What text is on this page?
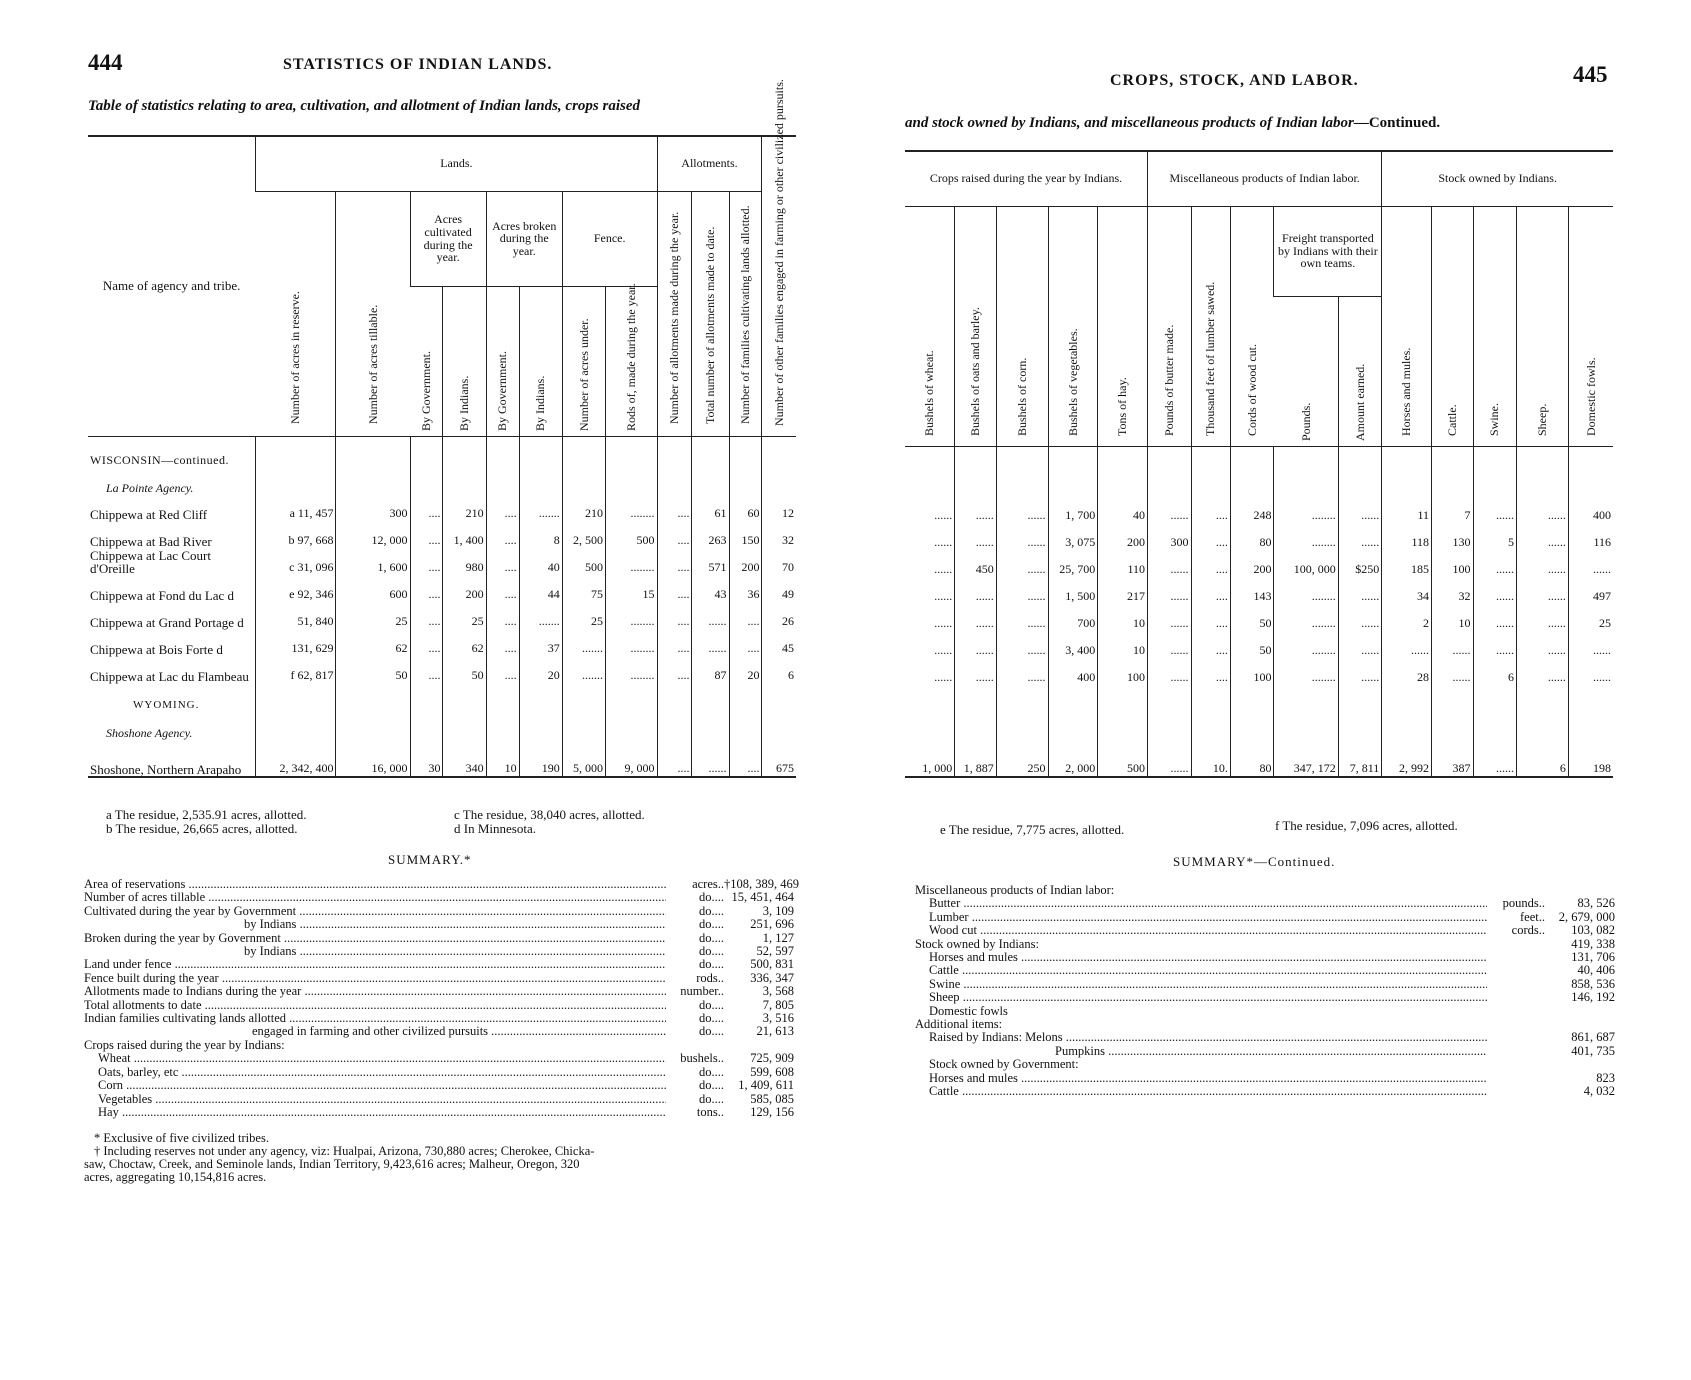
444	STATISTICS OF INDIAN LANDS.
Table of statistics relating to area, cultivation, and allotment of Indian lands, crops raised
Name of agency and tribe.	Lands.								Allotments.			Number of other families engaged in farming or other civilized pursuits.

	Number of acres in reserve.	Number of acres tillable.	Acres cultivated during the year.		Acres broken during the year.		Fence.		Number of allotments made during the year.	Total number of allotments made to date.	Number of families cultivating lands allotted.	

			By Government.	By Indians.	By Government.	By Indians.	Number of acres under.	Rods of, made during the year.				

WISCONSIN—continued.												
La Pointe Agency.												
Chippewa at Red Cliff	a 11, 457	300	....	210	....	.......	210	........	....	61	60	12
Chippewa at Bad River	b 97, 668	12, 000	....	1, 400	....	8	2, 500	500	....	263	150	32
Chippewa at Lac Court d'Oreille	c 31, 096	1, 600	....	980	....	40	500	........	....	571	200	70
Chippewa at Fond du Lac d	e 92, 346	600	....	200	....	44	75	15	....	43	36	49
Chippewa at Grand Portage d	51, 840	25	....	25	....	.......	25	........	....	......	....	26
Chippewa at Bois Forte d	131, 629	62	....	62	....	37	.......	........	....	......	....	45
Chippewa at Lac du Flambeau	f 62, 817	50	....	50	....	20	.......	........	....	87	20	6
WYOMING.												
Shoshone Agency.												
Shoshone, Northern Arapaho	2, 342, 400	16, 000	30	340	10	190	5, 000	9, 000	....	......	....	675
a The residue, 2,535.91 acres, allotted.
b The residue, 26,665 acres, allotted.
c The residue, 38,040 acres, allotted.
d In Minnesota.
SUMMARY.*
Area of reservations .....	acres.. †108, 389, 469
Number of acres tillable .....	do.... 15, 451, 464
Cultivated during the year by Government .....	do....	3, 109
by Indians .....	do....	251, 696
Broken during the year by Government .....	do....	1, 127
by Indians .....	do....	52, 597
Land under fence .....	do....	500, 831
Fence built during the year .....	rods..	336, 347
Allotments made to Indians during the year .....	number..	3, 568
Total allotments to date .....	do....	7, 805
Indian families cultivating lands allotted .....	do....	3, 516
engaged in farming and other civilized pursuits .....	do....	21, 613
Crops raised during the year by Indians:
Wheat .....	bushels..	725, 909
Oats, barley, etc .....	do....	599, 608
Corn .....	do....	1, 409, 611
Vegetables .....	do....	585, 085
Hay .....	tons..	129, 156
* Exclusive of five civilized tribes.
† Including reserves not under any agency, viz: Hualpai, Arizona, 730,880 acres; Cherokee, Chicka-
saw, Choctaw, Creek, and Seminole lands, Indian Territory, 9,423,616 acres; Malheur, Oregon, 320
acres, aggregating 10,154,816 acres.
CROPS, STOCK, AND LABOR.	445
and stock owned by Indians, and miscellaneous products of Indian labor—Continued.
Crops raised during the year by Indians.					Miscellaneous products of Indian labor.					Stock owned by Indians.				

Bushels of wheat.	Bushels of oats and barley.	Bushels of corn.	Bushels of vegetables.	Tons of hay.	Pounds of butter made.	Thousand feet of lumber sawed.	Cords of wood cut.	Freight transported by Indians with their own teams.		Horses and mules.	Cattle.	Swine.	Sheep.	Domestic fowls.

								Pounds.	Amount earned.					

......	......	......	1, 700	40	......	....	248	........	......	11	7	......	......	400
......	......	......	3, 075	200	300	....	80	........	......	118	130	5	......	116
......	450	......	25, 700	110	......	....	200	100, 000	$250	185	100	......	......	......
......	......	......	1, 500	217	......	....	143	........	......	34	32	......	......	497
......	......	......	700	10	......	....	50	........	......	2	10	......	......	25
......	......	......	3, 400	10	......	....	50	........	......	......	......	......	......	......
......	......	......	400	100	......	....	100	........	......	28	......	6	......	......

1, 000	1, 887	250	2, 000	500	......	10.	80	347, 172	7, 811	2, 992	387	......	6	198
e The residue, 7,775 acres, allotted.	f The residue, 7,096 acres, allotted.
SUMMARY*—Continued.
Miscellaneous products of Indian labor:
Butter .....	pounds..	83, 526
Lumber .....	feet..	2, 679, 000
Wood cut .....	cords..	103, 082
Stock owned by Indians:	419, 338
Horses and mules .....	131, 706
Cattle .....	40, 406
Swine .....	858, 536
Sheep .....	146, 192
Domestic fowls
Additional items:
Raised by Indians: Melons .....	861, 687
Pumpkins .....	401, 735
Stock owned by Government:
Horses and mules .....	823
Cattle .....	4, 032
